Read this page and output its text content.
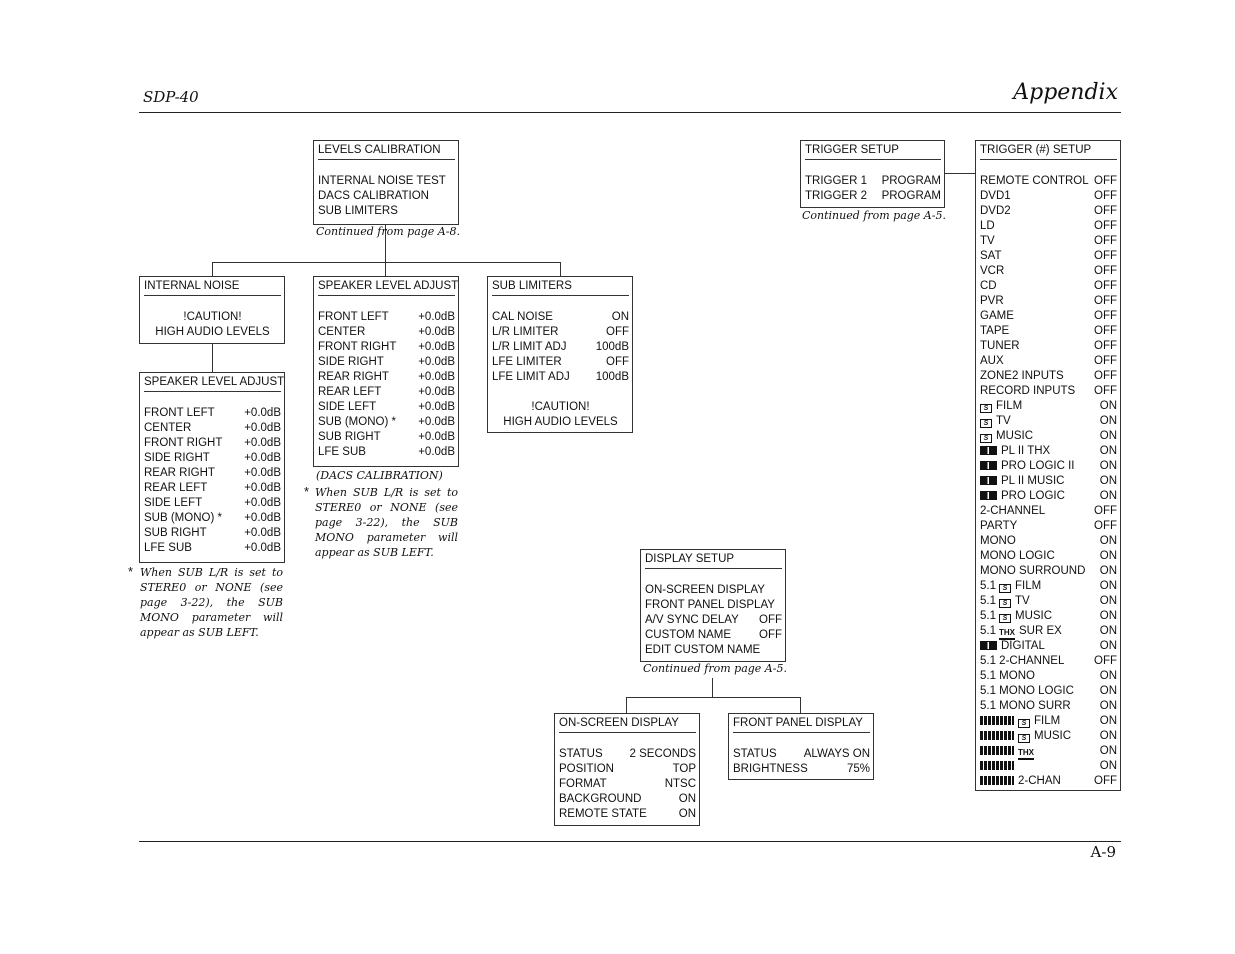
SDP-40	Appendix
LEVELS CALIBRATION
INTERNAL NOISE TEST
DACS CALIBRATION
SUB LIMITERS
Continued from page A-8.
INTERNAL NOISE
!CAUTION!
HIGH AUDIO LEVELS
SPEAKER LEVEL ADJUST
FRONT LEFT	+0.0dB
CENTER	+0.0dB
FRONT RIGHT +0.0dB
SIDE RIGHT	+0.0dB
REAR RIGHT	+0.0dB
REAR LEFT	+0.0dB
SIDE LEFT	+0.0dB
SUB (MONO) * +0.0dB
SUB RIGHT	+0.0dB
LFE SUB	+0.0dB
* When SUB L/R is set to STERE0 or NONE (see page 3-22), the SUB MONO parameter will appear as SUB LEFT.
SPEAKER LEVEL ADJUST
FRONT LEFT	+0.0dB
CENTER	+0.0dB
FRONT RIGHT +0.0dB
SIDE RIGHT	+0.0dB
REAR RIGHT	+0.0dB
REAR LEFT	+0.0dB
SIDE LEFT	+0.0dB
SUB (MONO) * +0.0dB
SUB RIGHT	+0.0dB
LFE SUB	+0.0dB
(DACS CALIBRATION)
* When SUB L/R is set to STERE0 or NONE (see page 3-22), the SUB MONO parameter will appear as SUB LEFT.
SUB LIMITERS
CAL NOISE	ON
L/R LIMITER	OFF
L/R LIMIT ADJ	100dB
LFE LIMITER	OFF
LFE LIMIT ADJ 100dB
!CAUTION!
HIGH AUDIO LEVELS
TRIGGER SETUP
TRIGGER 1 PROGRAM
TRIGGER 2 PROGRAM
Continued from page A-5.
DISPLAY SETUP
ON-SCREEN DISPLAY
FRONT PANEL DISPLAY
A/V SYNC DELAY OFF
CUSTOM NAME OFF
EDIT CUSTOM NAME
Continued from page A-5.
ON-SCREEN DISPLAY
STATUS 2 SECONDS
POSITION	TOP
FORMAT	NTSC
BACKGROUND	ON
REMOTE STATE	ON
FRONT PANEL DISPLAY
STATUS ALWAYS ON
BRIGHTNESS	75%
TRIGGER (#) SETUP
REMOTE CONTROL OFF
DVD1	OFF
DVD2	OFF
LD	OFF
TV	OFF
SAT	OFF
VCR	OFF
CD	OFF
PVR	OFF
GAME	OFF
TAPE	OFF
TUNER	OFF
AUX	OFF
ZONE2 INPUTS	OFF
RECORD INPUTS OFF
S FILM	ON
S TV	ON
S MUSIC	ON
PL II THX	ON
PRO LOGIC II ON
PL II MUSIC	ON
PRO LOGIC	ON
2-CHANNEL	OFF
PARTY	OFF
MONO	ON
MONO LOGIC	ON
MONO SURROUND ON
5.1 S FILM	ON
5.1 S TV	ON
5.1 S MUSIC	ON
5.1 THX SUR EX	ON
DIGITAL	ON
5.1 2-CHANNEL	OFF
5.1 MONO	ON
5.1 MONO LOGIC ON
5.1 MONO SURR	ON
S FILM	ON
S MUSIC ON
THX	ON
ON
2-CHAN	OFF
A-9
